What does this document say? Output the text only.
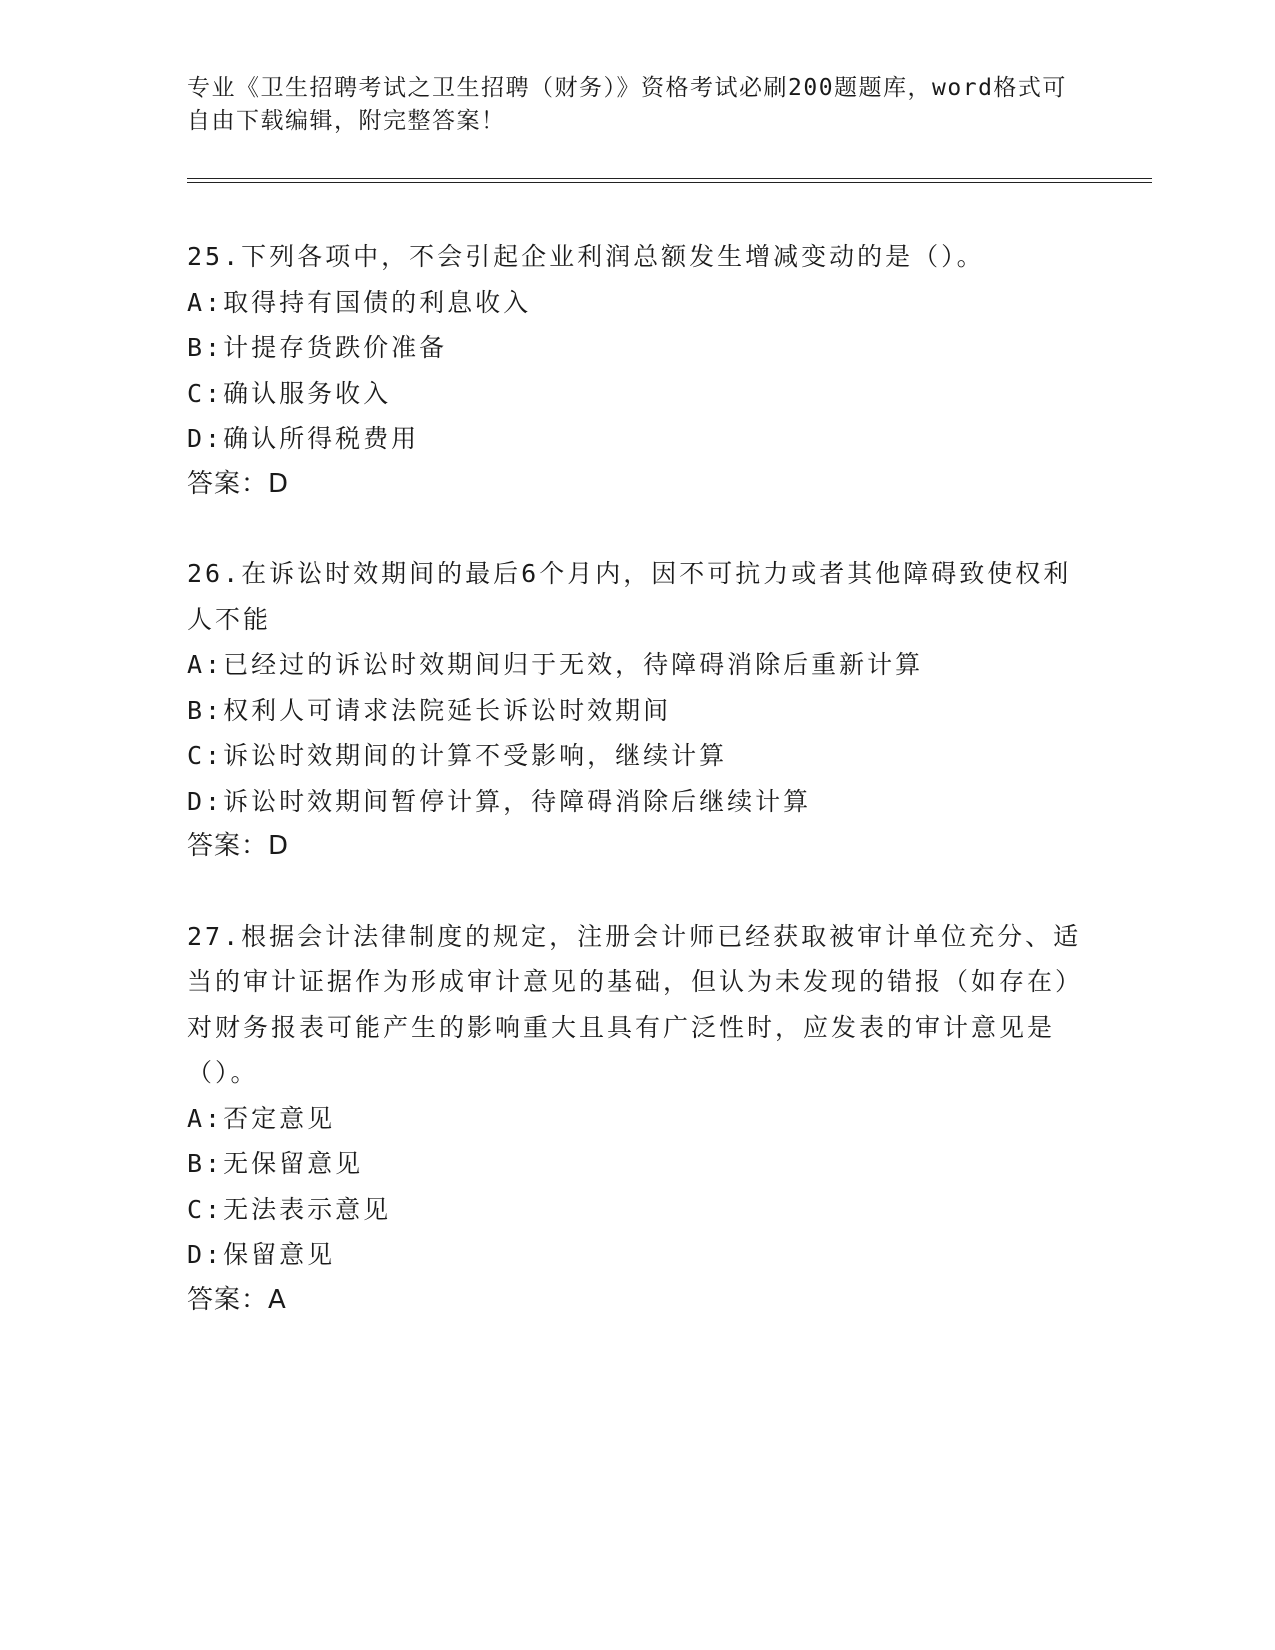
专业《卫生招聘考试之卫生招聘（财务）》资格考试必刷200题题库，word格式可自由下载编辑，附完整答案！
25.下列各项中，不会引起企业利润总额发生增减变动的是（）。
A:取得持有国债的利息收入
B:计提存货跌价准备
C:确认服务收入
D:确认所得税费用
答案：D
26.在诉讼时效期间的最后6个月内，因不可抗力或者其他障碍致使权利人不能
A:已经过的诉讼时效期间归于无效，待障碍消除后重新计算
B:权利人可请求法院延长诉讼时效期间
C:诉讼时效期间的计算不受影响，继续计算
D:诉讼时效期间暂停计算，待障碍消除后继续计算
答案：D
27.根据会计法律制度的规定，注册会计师已经获取被审计单位充分、适当的审计证据作为形成审计意见的基础，但认为未发现的错报（如存在）对财务报表可能产生的影响重大且具有广泛性时，应发表的审计意见是（）。
A:否定意见
B:无保留意见
C:无法表示意见
D:保留意见
答案：A
